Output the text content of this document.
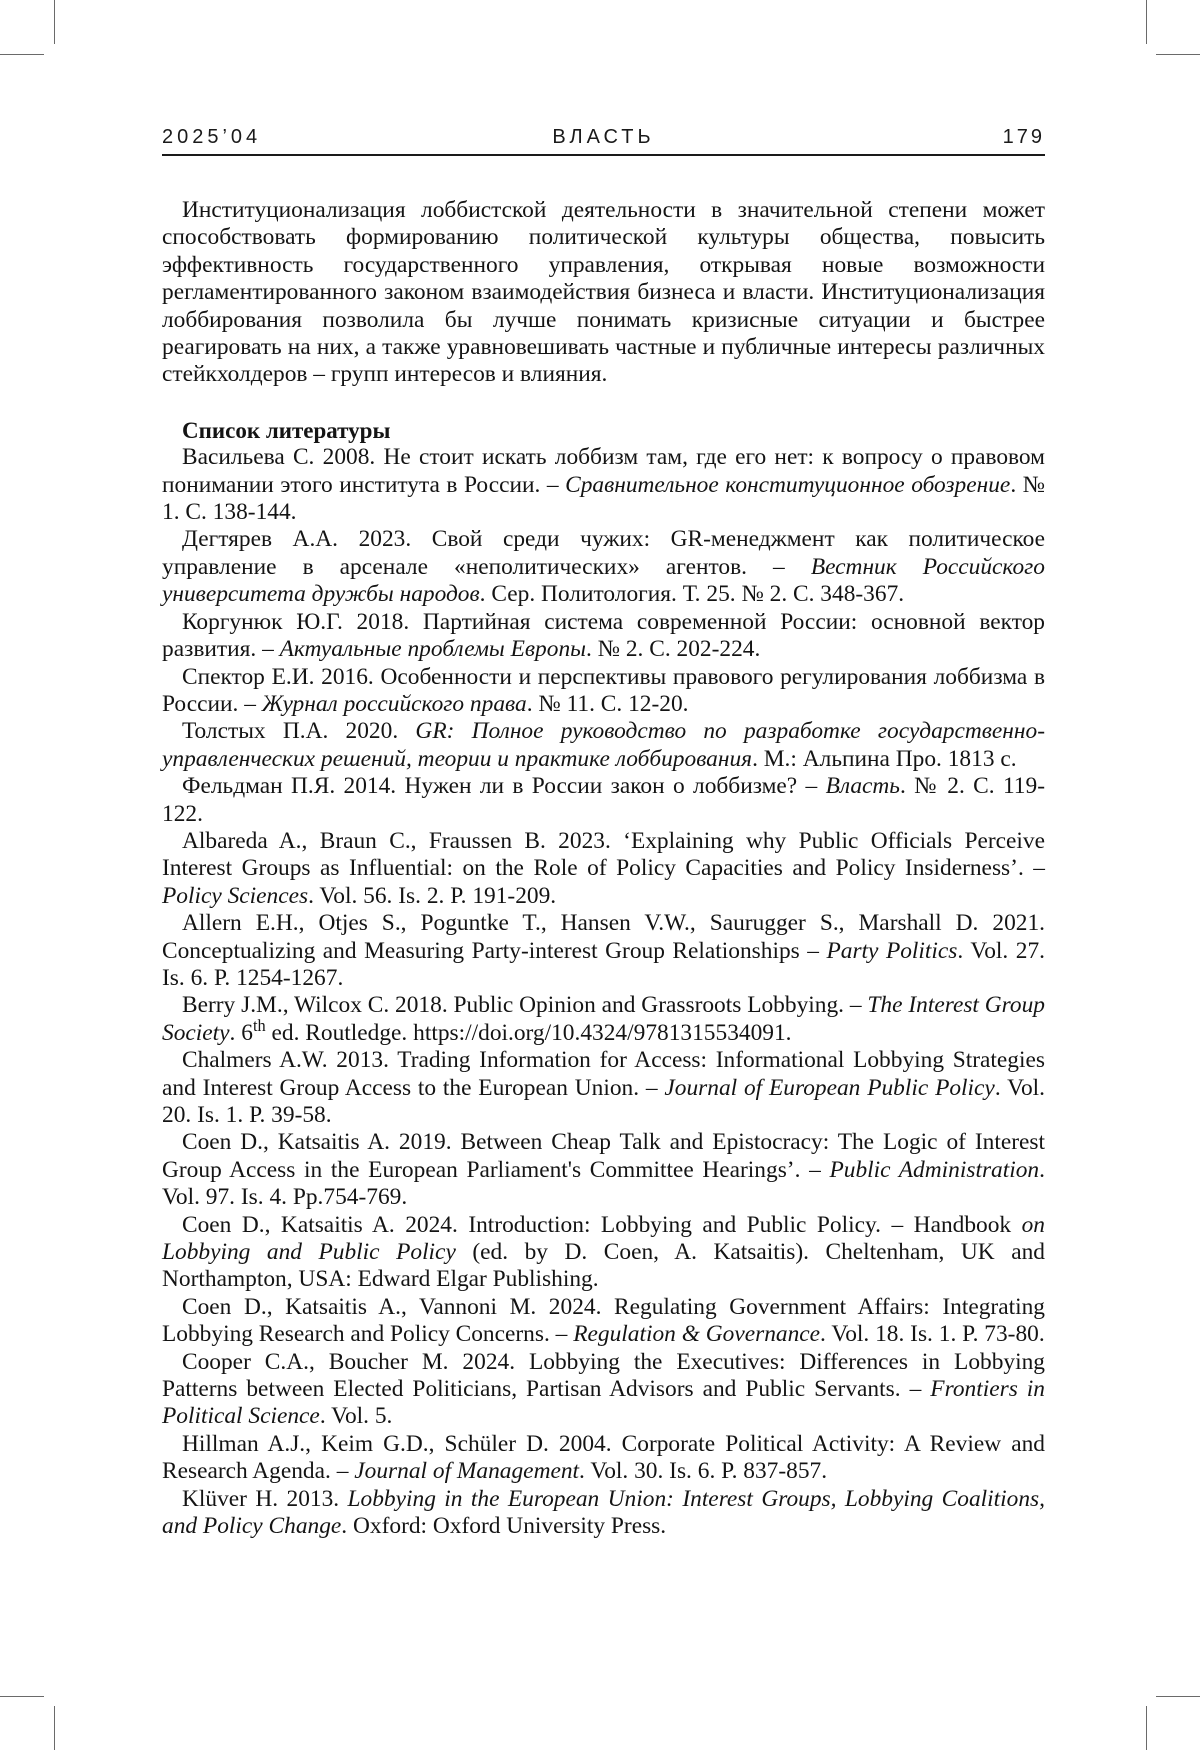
2025’04	ВЛАСТЬ	179

Институционализация лоббистской деятельности в значительной степени может способствовать формированию политической культуры общества, повысить эффективность государственного управления, открывая новые возможности регламентированного законом взаимодействия бизнеса и власти. Институционализация лоббирования позволила бы лучше понимать кризисные ситуации и быстрее реагировать на них, а также уравновешивать частные и публичные интересы различных стейкхолдеров – групп интересов и влияния.

Список литературы

Васильева С. 2008. Не стоит искать лоббизм там, где его нет: к вопросу о правовом понимании этого института в России. – Сравнительное конституционное обозрение. № 1. С. 138-144.

Дегтярев А.А. 2023. Свой среди чужих: GR-менеджмент как политическое управление в арсенале «неполитических» агентов. – Вестник Российского университета дружбы народов. Сер. Политология. Т. 25. № 2. С. 348-367.

Коргунюк Ю.Г. 2018. Партийная система современной России: основной вектор развития. – Актуальные проблемы Европы. № 2. С. 202-224.

Спектор Е.И. 2016. Особенности и перспективы правового регулирования лоббизма в России. – Журнал российского права. № 11. С. 12-20.

Толстых П.А. 2020. GR: Полное руководство по разработке государственно-управленческих решений, теории и практике лоббирования. М.: Альпина Про. 1813 с.

Фельдман П.Я. 2014. Нужен ли в России закон о лоббизме? – Власть. № 2. С. 119-122.

Albareda A., Braun C., Fraussen B. 2023. ‘Explaining why Public Officials Perceive Interest Groups as Influential: on the Role of Policy Capacities and Policy Insiderness’. – Policy Sciences. Vol. 56. Is. 2. P. 191-209.

Allern E.H., Otjes S., Poguntke T., Hansen V.W., Saurugger S., Marshall D. 2021. Conceptualizing and Measuring Party-interest Group Relationships – Party Politics. Vol. 27. Is. 6. P. 1254-1267.

Berry J.M., Wilcox C. 2018. Public Opinion and Grassroots Lobbying. – The Interest Group Society. 6th ed. Routledge. https://doi.org/10.4324/9781315534091.

Chalmers A.W. 2013. Trading Information for Access: Informational Lobbying Strategies and Interest Group Access to the European Union. – Journal of European Public Policy. Vol. 20. Is. 1. P. 39-58.

Coen D., Katsaitis A. 2019. Between Cheap Talk and Epistocracy: The Logic of Interest Group Access in the European Parliament's Committee Hearings’. – Public Administration. Vol. 97. Is. 4. Pp.754-769.

Coen D., Katsaitis A. 2024. Introduction: Lobbying and Public Policy. – Handbook on Lobbying and Public Policy (ed. by D. Coen, A. Katsaitis). Cheltenham, UK and Northampton, USA: Edward Elgar Publishing.

Coen D., Katsaitis A., Vannoni M. 2024. Regulating Government Affairs: Integrating Lobbying Research and Policy Concerns. – Regulation & Governance. Vol. 18. Is. 1. P. 73-80.

Cooper C.A., Boucher M. 2024. Lobbying the Executives: Differences in Lobbying Patterns between Elected Politicians, Partisan Advisors and Public Servants. – Frontiers in Political Science. Vol. 5.

Hillman A.J., Keim G.D., Schüler D. 2004. Corporate Political Activity: A Review and Research Agenda. – Journal of Management. Vol. 30. Is. 6. P. 837-857.

Klüver H. 2013. Lobbying in the European Union: Interest Groups, Lobbying Coalitions, and Policy Change. Oxford: Oxford University Press.
